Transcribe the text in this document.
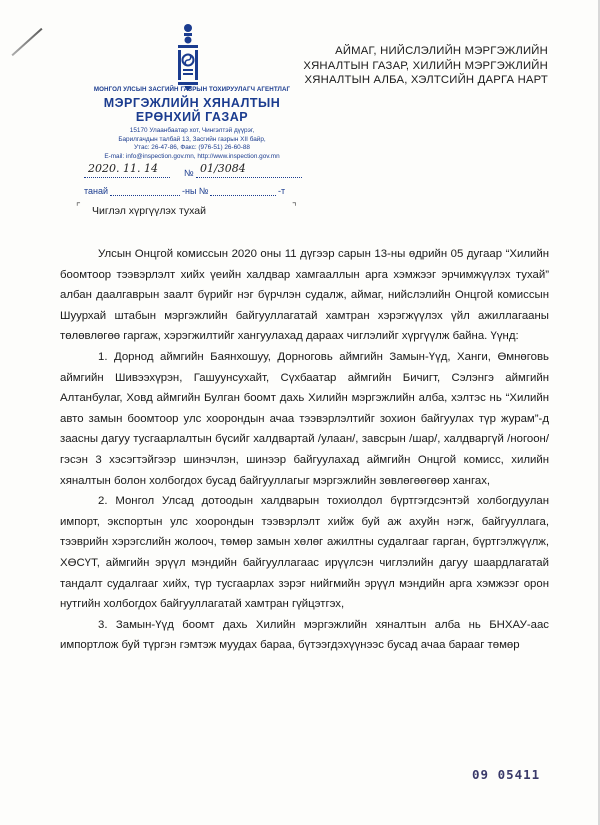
МОНГОЛ УЛСЫН ЗАСГИЙН ГАЗРЫН ТОХИРУУЛАГЧ АГЕНТЛАГ
МЭРГЭЖЛИЙН ХЯНАЛТЫН
ЕРӨНХИЙ ГАЗАР
15170 Улаанбаатар хот, Чингэлтэй дүүрэг,
Барилгачдын талбай 13, Засгийн газрын XII байр,
Утас: 26-47-86, Факс: (976-51) 26-60-88
E-mail: info@inspection.gov.mn, http://www.inspection.gov.mn
2020. 11. 14	№ 01/3084
танай	-ны №	-т
⌜ Чиглэл хүргүүлэх тухай	⌝
АЙМАГ, НИЙСЛЭЛИЙН МЭРГЭЖЛИЙН
ХЯНАЛТЫН ГАЗАР, ХИЛИЙН МЭРГЭЖЛИЙН
ХЯНАЛТЫН АЛБА, ХЭЛТСИЙН ДАРГА НАРТ

Улсын Онцгой комиссын 2020 оны 11 дүгээр сарын 13-ны өдрийн 05 дугаар “Хилийн боомтоор тээвэрлэлт хийх үеийн халдвар хамгааллын арга хэмжээг эрчимжүүлэх тухай” албан даалгаврын заалт бүрийг нэг бүрчлэн судалж, аймаг, нийслэлийн Онцгой комиссын Шуурхай штабын мэргэжлийн байгууллагатай хамтран хэрэгжүүлэх үйл ажиллагааны төлөвлөгөө гаргаж, хэрэгжилтийг хангуулахад дараах чиглэлийг хүргүүлж байна. Үүнд:

1. Дорнод аймгийн Баянхошуу, Дорноговь аймгийн Замын-Үүд, Ханги, Өмнөговь аймгийн Шивээхүрэн, Гашуунсухайт, Сүхбаатар аймгийн Бичигт, Сэлэнгэ аймгийн Алтанбулаг, Ховд аймгийн Булган боомт дахь Хилийн мэргэжлийн алба, хэлтэс нь “Хилийн авто замын боомтоор улс хоорондын ачаа тээвэрлэлтийг зохион байгуулах түр журам”-д заасны дагуу тусгаарлалтын бүсийг халдвартай /улаан/, завсрын /шар/, халдваргүй /ногоон/ гэсэн 3 хэсэгтэйгээр шинэчлэн, шинээр байгуулахад аймгийн Онцгой комисс, хилийн хяналтын болон холбогдох бусад байгууллагыг мэргэжлийн зөвлөгөөгөөр хангах,

2. Монгол Улсад дотоодын халдварын тохиолдол бүртгэгдсэнтэй холбогдуулан импорт, экспортын улс хоорондын тээвэрлэлт хийж буй аж ахуйн нэгж, байгууллага, тээврийн хэрэгслийн жолооч, төмөр замын хөлөг ажилтны судалгааг гарган, бүртгэлжүүлж, ХӨСҮТ, аймгийн эрүүл мэндийн байгууллагаас ирүүлсэн чиглэлийн дагуу шаардлагатай тандалт судалгааг хийх, түр тусгаарлах зэрэг нийгмийн эрүүл мэндийн арга хэмжээг орон нутгийн холбогдох байгууллагатай хамтран гүйцэтгэх,

3. Замын-Үүд боомт дахь Хилийн мэргэжлийн хяналтын алба нь БНХАУ-аас импортлож буй түргэн гэмтэж муудах бараа, бүтээгдэхүүнээс бусад ачаа барааг төмөр

09 05411
